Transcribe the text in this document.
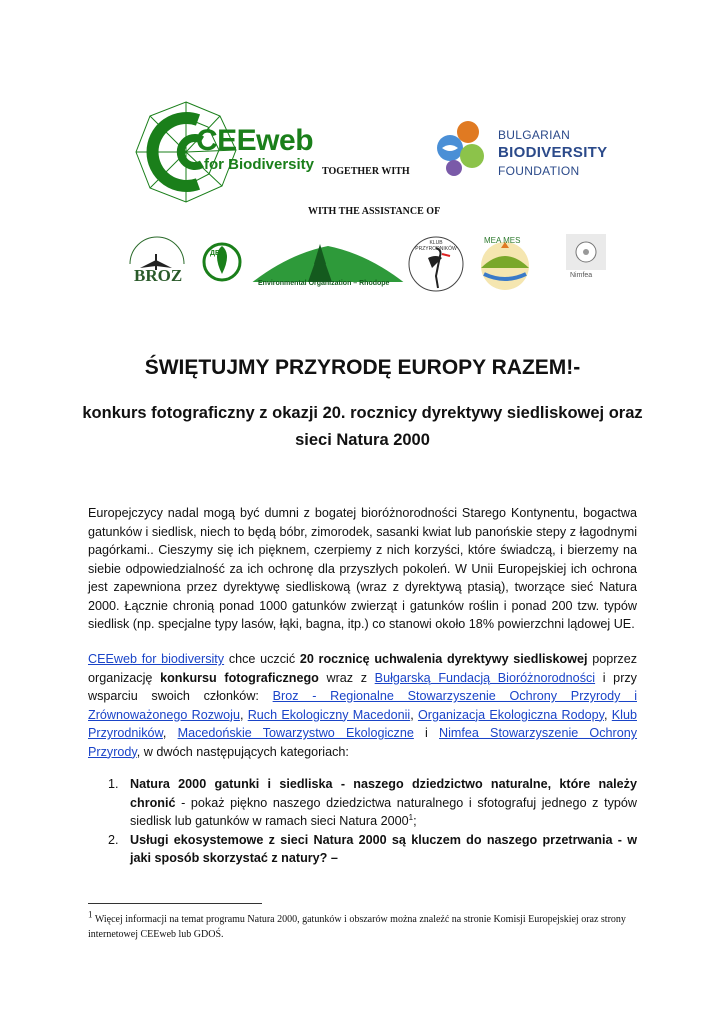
CEEweb
for Biodiversity TOGETHER WITH
BULGARIAN
BIODIVERSITY
FOUNDATION
WITH THE ASSISTANCE OF
BROZ
ДЕМ
Environmental Organization – Rhodope
KLUB PRZYRODNIKÓW
MEA MES
Nimfea
ŚWIĘTUJMY PRZYRODĘ EUROPY RAZEM!-
konkurs fotograficzny z okazji 20. rocznicy dyrektywy siedliskowej oraz sieci Natura 2000
Europejczycy nadal mogą być dumni z bogatej bioróżnorodności Starego Kontynentu, bogactwa gatunków i siedlisk, niech to będą bóbr, zimorodek, sasanki kwiat lub panońskie stepy z łagodnymi pagórkami.. Cieszymy się ich pięknem, czerpiemy z nich korzyści, które świadczą, i bierzemy na siebie odpowiedzialność za ich ochronę dla przyszłych pokoleń. W Unii Europejskiej ich ochrona jest zapewniona przez dyrektywę siedliskową (wraz z dyrektywą ptasią), tworzące sieć Natura 2000. Łącznie chronią ponad 1000 gatunków zwierząt i gatunków roślin i ponad 200 tzw. typów siedlisk (np. specjalne typy lasów, łąki, bagna, itp.) co stanowi około 18% powierzchni lądowej UE.
CEEweb for biodiversity chce uczcić 20 rocznicę uchwalenia dyrektywy siedliskowej poprzez organizację konkursu fotograficznego wraz z Bułgarską Fundacją Bioróżnorodności i przy wsparciu swoich członków: Broz - Regionalne Stowarzyszenie Ochrony Przyrody i Zrównoważonego Rozwoju, Ruch Ekologiczny Macedonii, Organizacja Ekologiczna Rodopy, Klub Przyrodników, Macedońskie Towarzystwo Ekologiczne i Nimfea Stowarzyszenie Ochrony Przyrody, w dwóch następujących kategoriach:
1. Natura 2000 gatunki i siedliska - naszego dziedzictwo naturalne, które należy chronić - pokaż piękno naszego dziedzictwa naturalnego i sfotografuj jednego z typów siedlisk lub gatunków w ramach sieci Natura 2000$^1$;
2. Usługi ekosystemowe z sieci Natura 2000 są kluczem do naszego przetrwania - w jaki sposób skorzystać z natury? –
$^1$ Więcej informacji na temat programu Natura 2000, gatunków i obszarów można znaleźć na stronie Komisji Europejskiej oraz strony internetowej CEEweb lub GDOŚ.
